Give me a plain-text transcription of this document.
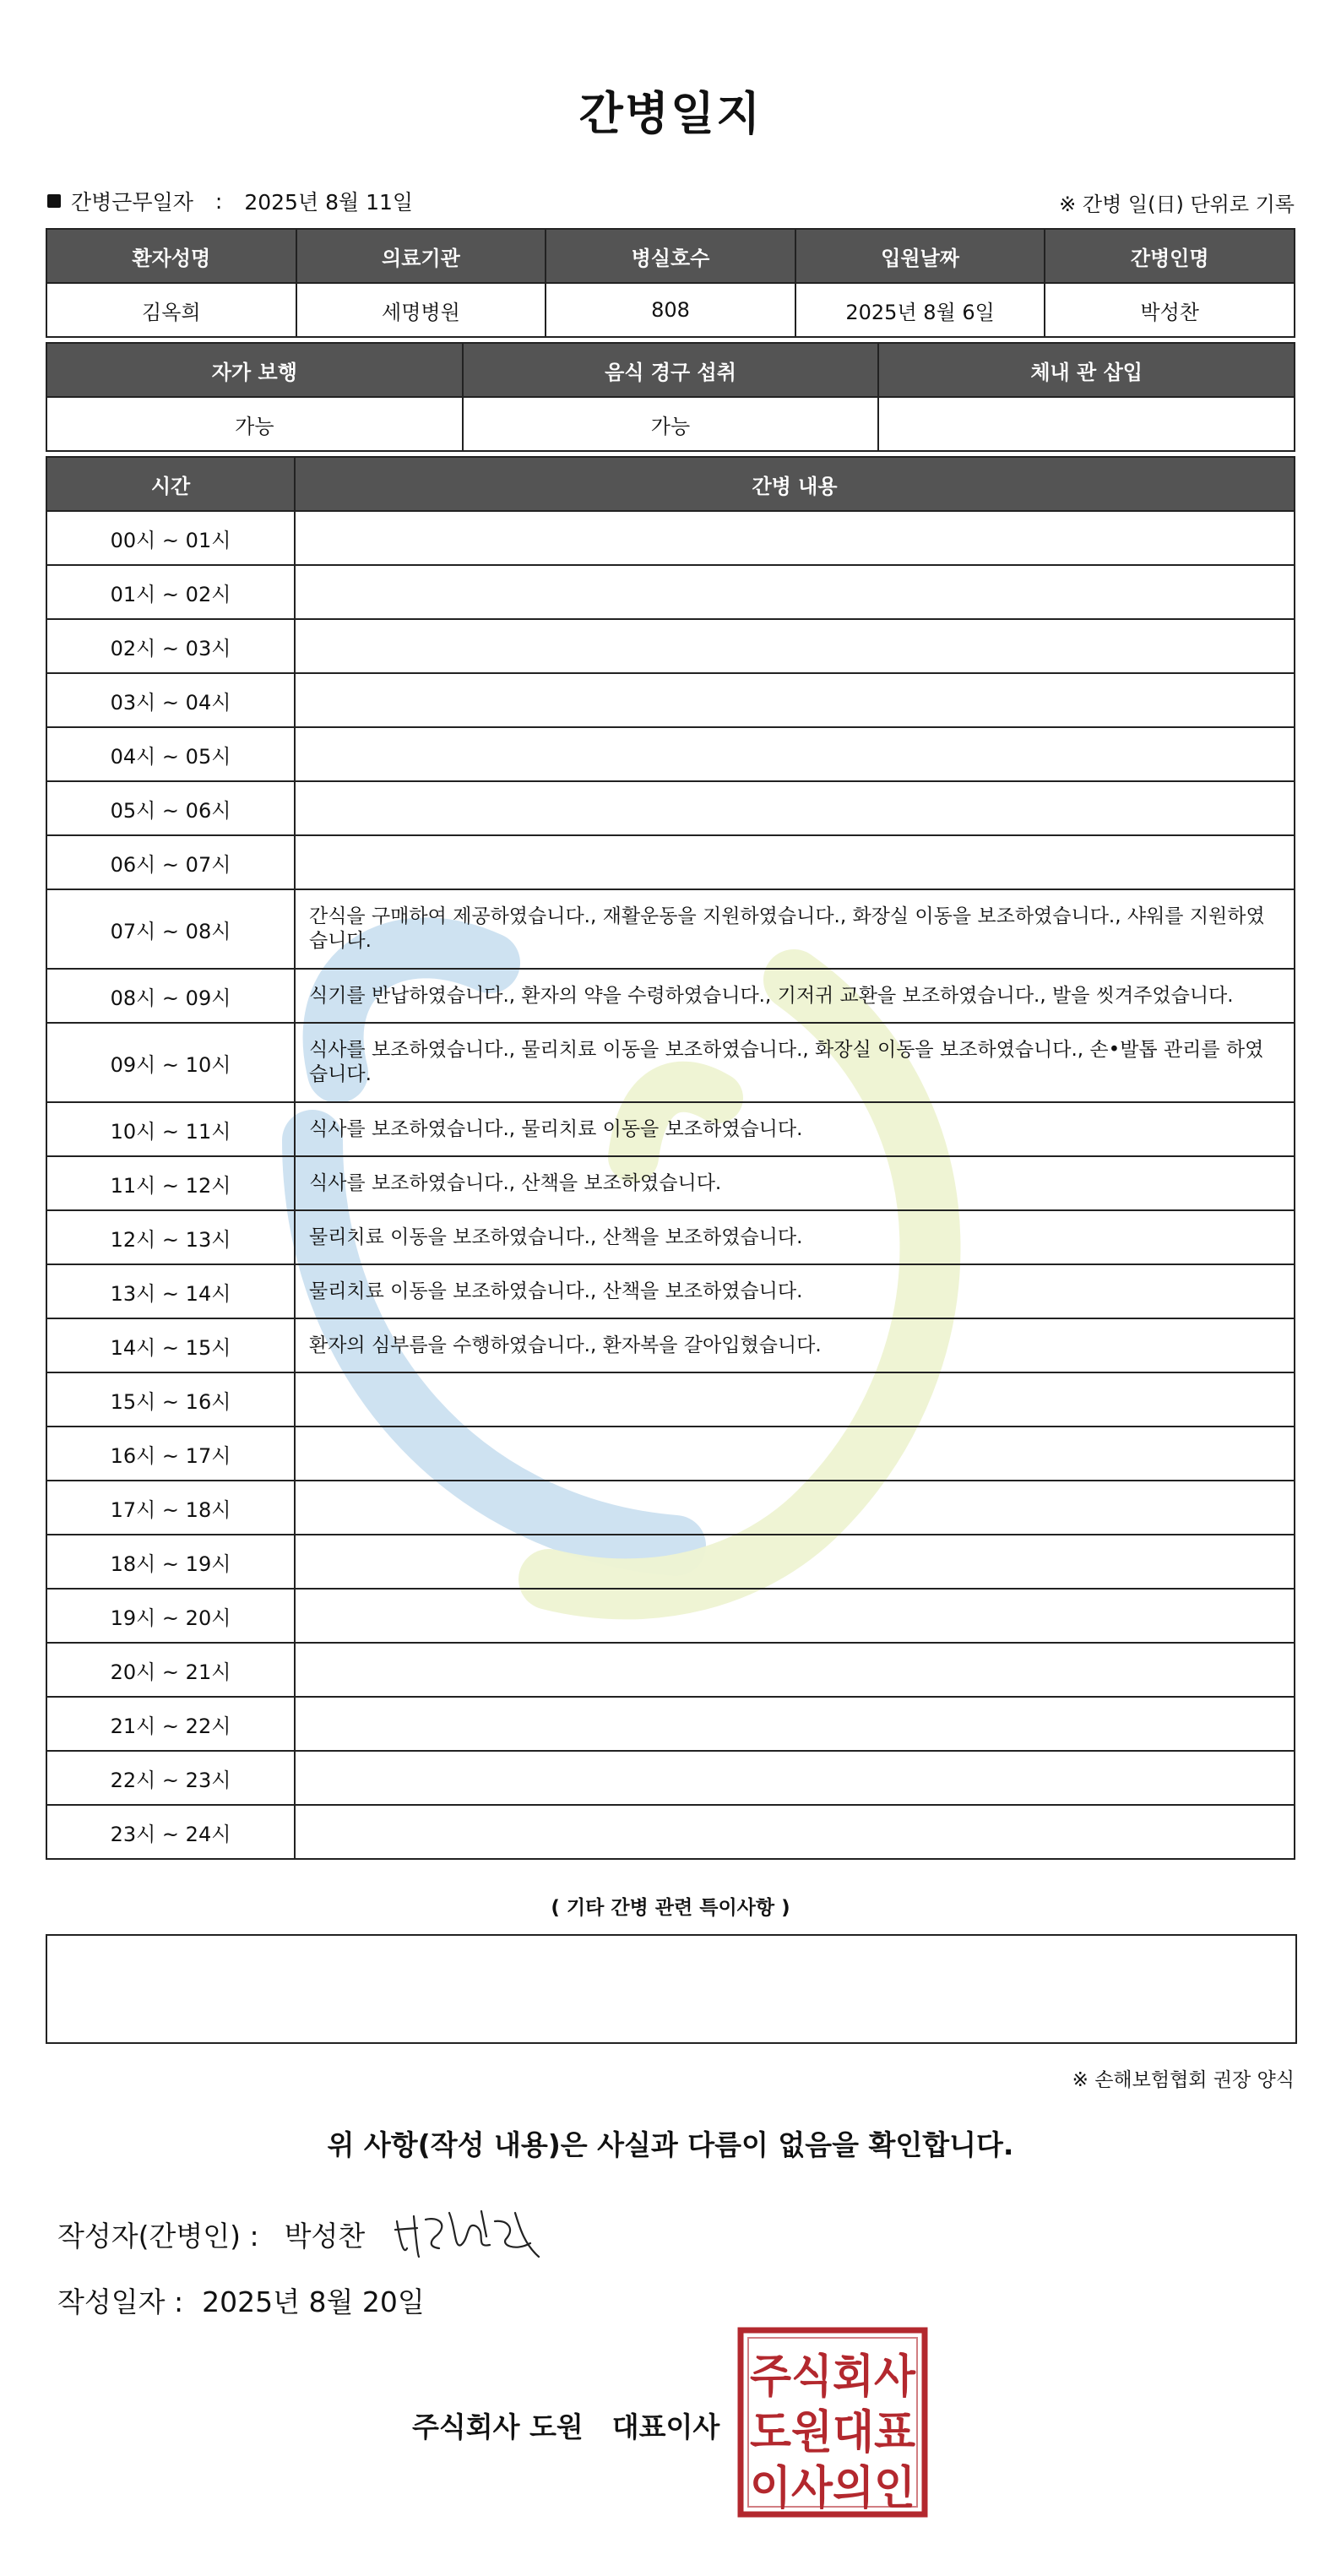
간병일지
간병근무일자 : 2025년 8월 11일	※ 간병 일(日) 단위로 기록
환자성명	의료기관	병실호수	입원날짜	간병인명
김옥희	세명병원	808	2025년 8월 6일	박성찬
자가 보행	음식 경구 섭취	체내 관 삽입
가능	가능	
시간	간병 내용
00시 ~ 01시	
01시 ~ 02시	
02시 ~ 03시	
03시 ~ 04시	
04시 ~ 05시	
05시 ~ 06시	
06시 ~ 07시	
07시 ~ 08시	간식을 구매하여 제공하였습니다., 재활운동을 지원하였습니다., 화장실 이동을 보조하였습니다., 샤워를 지원하였습니다.
08시 ~ 09시	식기를 반납하였습니다., 환자의 약을 수령하였습니다., 기저귀 교환을 보조하였습니다., 발을 씻겨주었습니다.
09시 ~ 10시	식사를 보조하였습니다., 물리치료 이동을 보조하였습니다., 화장실 이동을 보조하였습니다., 손•발톱 관리를 하였습니다.
10시 ~ 11시	식사를 보조하였습니다., 물리치료 이동을 보조하였습니다.
11시 ~ 12시	식사를 보조하였습니다., 산책을 보조하였습니다.
12시 ~ 13시	물리치료 이동을 보조하였습니다., 산책을 보조하였습니다.
13시 ~ 14시	물리치료 이동을 보조하였습니다., 산책을 보조하였습니다.
14시 ~ 15시	환자의 심부름을 수행하였습니다., 환자복을 갈아입혔습니다.
15시 ~ 16시	
16시 ~ 17시	
17시 ~ 18시	
18시 ~ 19시	
19시 ~ 20시	
20시 ~ 21시	
21시 ~ 22시	
22시 ~ 23시	
23시 ~ 24시	
( 기타 간병 관련 특이사항 )
※ 손해보험협회 권장 양식
위 사항(작성 내용)은 사실과 다름이 없음을 확인합니다.
작성자(간병인) : 박성찬
작성일자 : 2025년 8월 20일
주식회사 도원 대표이사
주식회사
도원대표
이사의인
